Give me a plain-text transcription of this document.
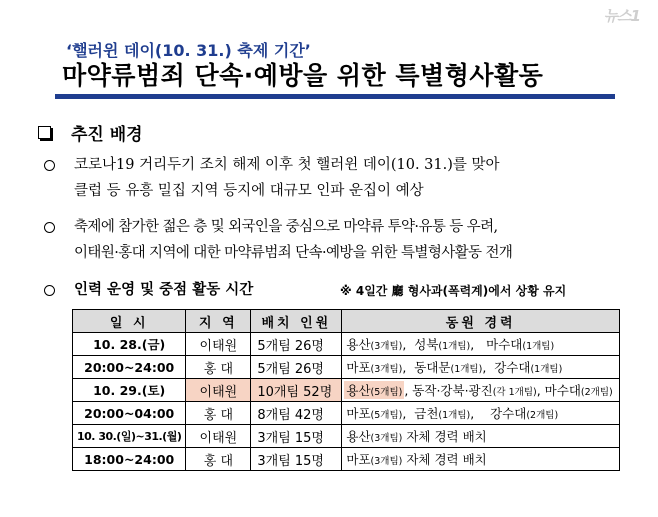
뉴스1
‘핼러윈 데이(10. 31.) 축제 기간’
마약류범죄 단속·예방을 위한 특별형사활동
추진 배경
코로나19 거리두기 조치 해제 이후 첫 핼러윈 데이(10. 31.)를 맞아
클럽 등 유흥 밀집 지역 등지에 대규모 인파 운집이 예상
축제에 참가한 젊은 층 및 외국인을 중심으로 마약류 투약·유통 등 우려,
이태원·홍대 지역에 대한 마약류범죄 단속·예방을 위한 특별형사활동 전개
인력 운영 및 중점 활동 시간	※ 4일간 廳 형사과(폭력계)에서 상황 유지
일 시	지 역	배치 인원	동원 경력
10. 28.(금)	이태원	5개팀 26명	용산(3개팀),  성북(1개팀),   마수대(1개팀)
20:00~24:00	홍 대	5개팀 26명	마포(3개팀),  동대문(1개팀),  강수대(1개팀)
10. 29.(토)	이태원	10개팀 52명	용산(5개팀) , 동작·강북·광진(각 1개팀), 마수대(2개팀)
20:00~04:00	홍 대	8개팀 42명	마포(5개팀),  금천(1개팀),    강수대(2개팀)
10. 30.(일)~31.(월)	이태원	3개팀 15명	용산(3개팀) 자체 경력 배치
18:00~24:00	홍 대	3개팀 15명	마포(3개팀) 자체 경력 배치
